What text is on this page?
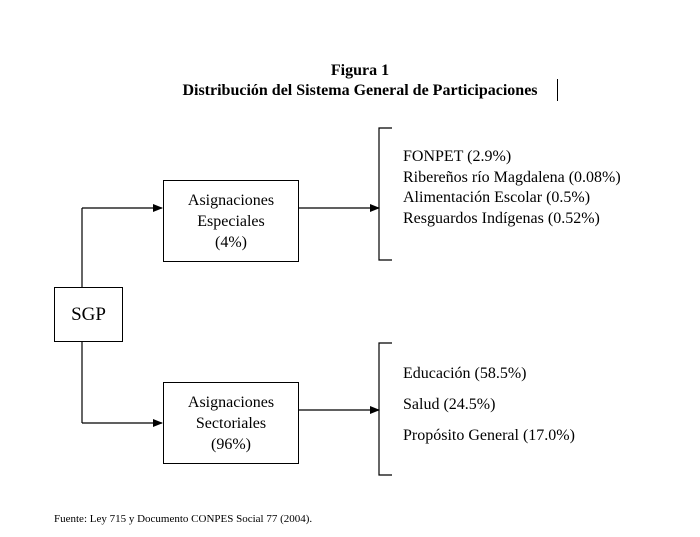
Figura 1
Distribución del Sistema General de Participaciones
SGP
Asignaciones
Especiales
(4%)
Asignaciones
Sectoriales
(96%)
FONPET (2.9%)
Ribereños río Magdalena (0.08%)
Alimentación Escolar (0.5%)
Resguardos Indígenas (0.52%)
Educación (58.5%)
Salud (24.5%)
Propósito General (17.0%)
Fuente: Ley 715 y Documento CONPES Social 77 (2004).
